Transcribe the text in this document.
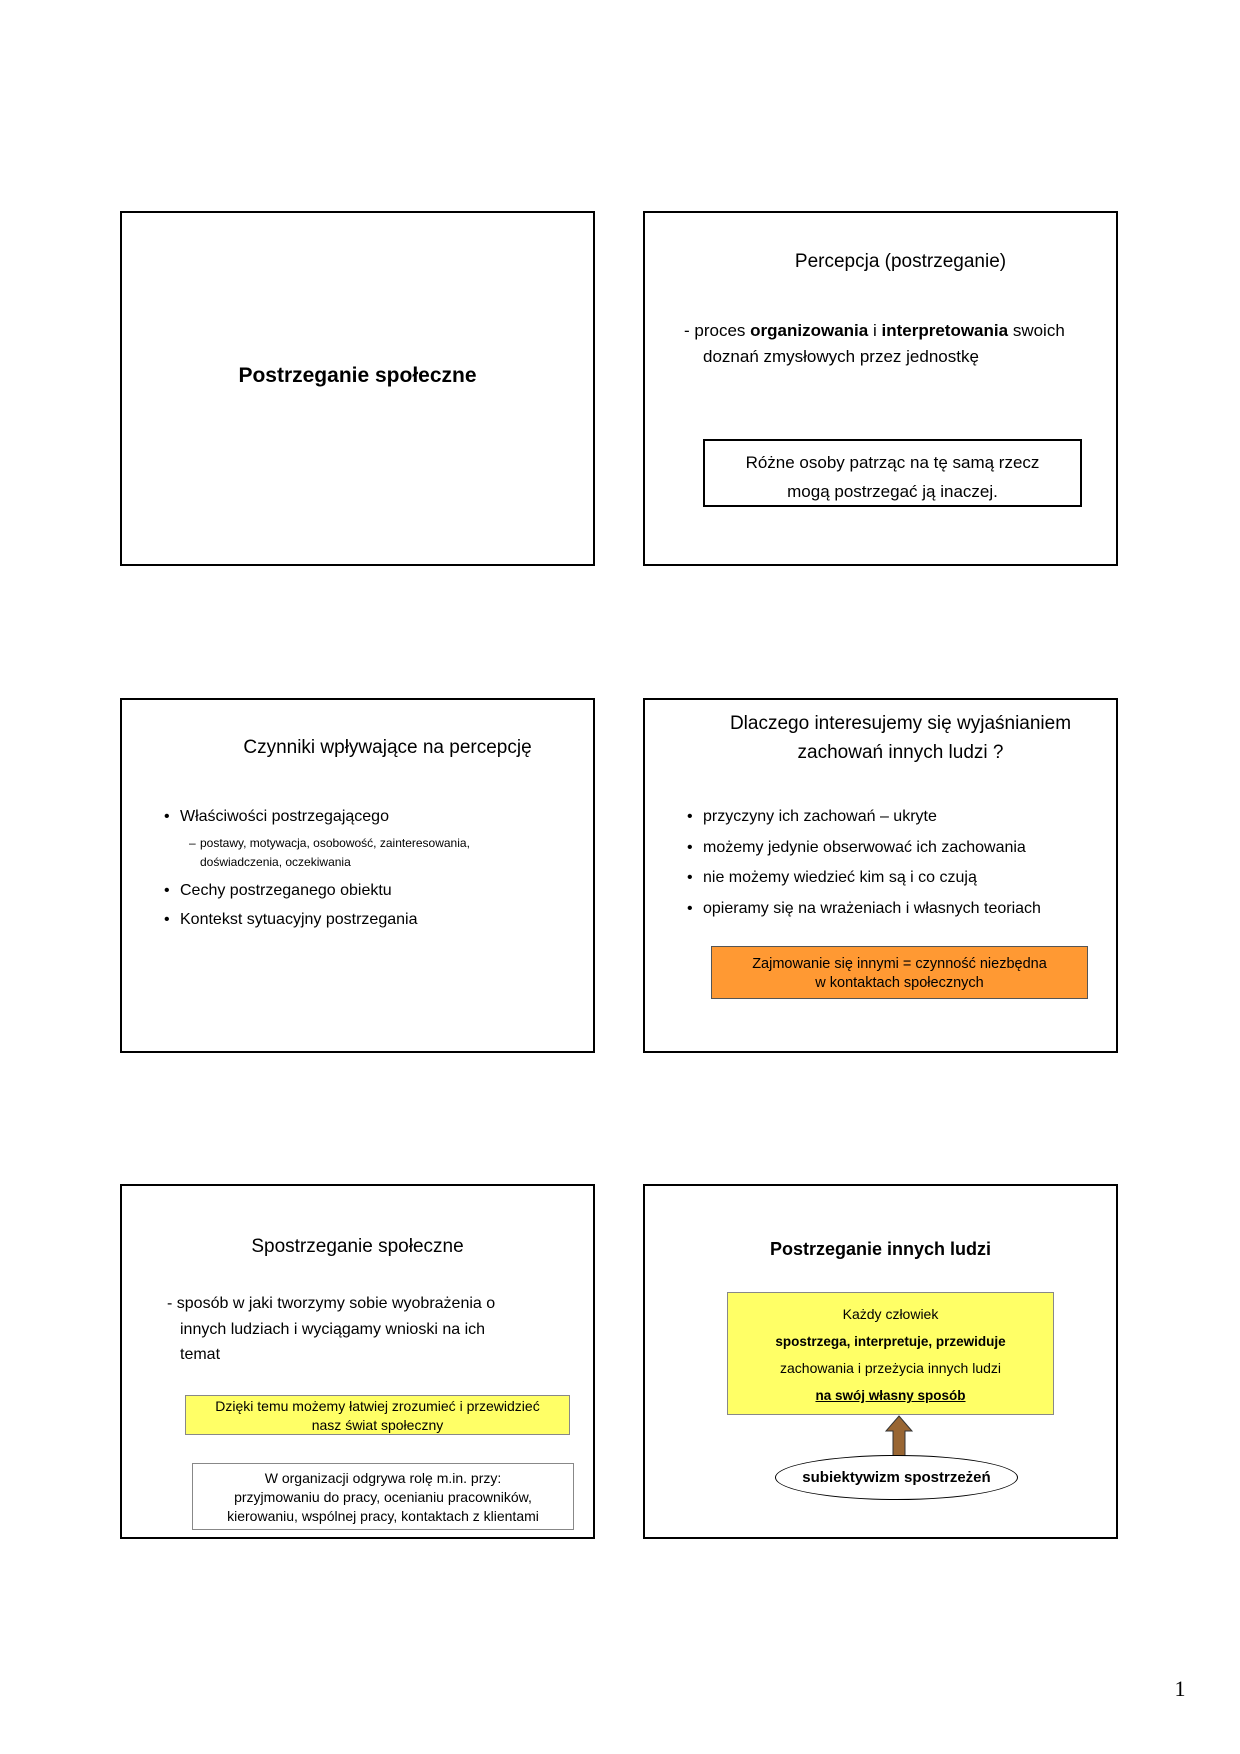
Postrzeganie społeczne
Percepcja (postrzeganie)
- proces organizowania i interpretowania swoich
doznań zmysłowych przez jednostkę
Różne osoby patrząc na tę samą rzecz
mogą postrzegać ją inaczej.
Czynniki wpływające na percepcję
• Właściwości postrzegającego
– postawy, motywacja, osobowość, zainteresowania,
doświadczenia, oczekiwania
• Cechy postrzeganego obiektu
• Kontekst sytuacyjny postrzegania
Dlaczego interesujemy się wyjaśnianiem
zachowań innych ludzi ?
• przyczyny ich zachowań – ukryte
• możemy jedynie obserwować ich zachowania
• nie możemy wiedzieć kim są i co czują
• opieramy się na wrażeniach i własnych teoriach
Zajmowanie się innymi = czynność niezbędna
w kontaktach społecznych
Spostrzeganie społeczne
- sposób w jaki tworzymy sobie wyobrażenia o
innych ludziach i wyciągamy wnioski na ich
temat
Dzięki temu możemy łatwiej zrozumieć i przewidzieć
nasz świat społeczny
W organizacji odgrywa rolę m.in. przy:
przyjmowaniu do pracy, ocenianiu pracowników,
kierowaniu, wspólnej pracy, kontaktach z klientami
Postrzeganie innych ludzi
Każdy człowiek
spostrzega, interpretuje, przewiduje
zachowania i przeżycia innych ludzi
na swój własny sposób
subiektywizm spostrzeżeń
1
